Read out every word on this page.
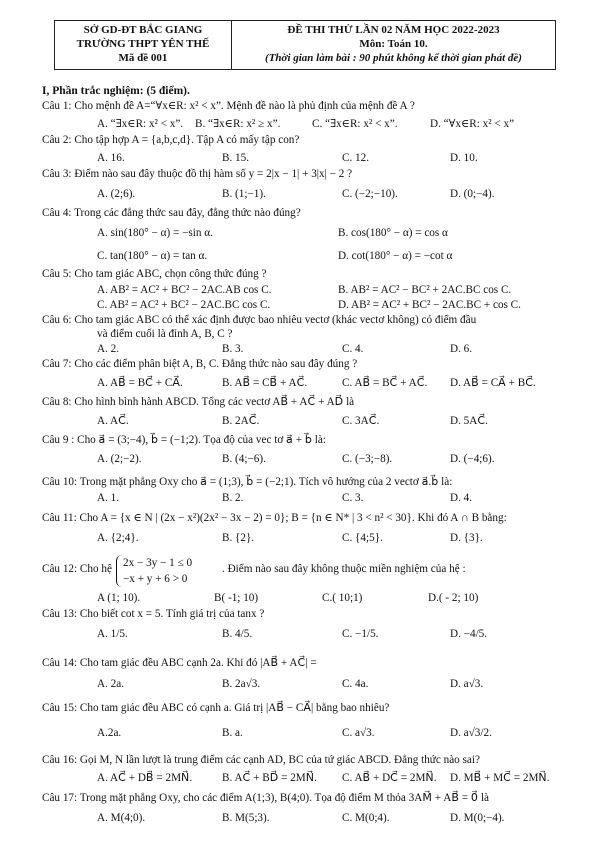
SỞ GD-ĐT BẮC GIANG
TRƯỜNG THPT YÊN THẾ
Mã đề 001
ĐỀ THI THỬ LẦN 02 NĂM HỌC 2022-2023
Môn: Toán 10.
(Thời gian làm bài : 90 phút không kể thời gian phát đề)
I, Phần trắc nghiệm: (5 điểm).
Câu 1: Cho mệnh đề A=“∀x∈R: x² < x”. Mệnh đề nào là phủ định của mệnh đề A ?
A. “∃x∈R: x² < x”. B. “∃x∈R: x² ≥ x”.	C. “∃x∈R: x² < x”.	D. “∀x∈R: x² < x”
Câu 2: Cho tập hợp A = {a,b,c,d}. Tập A có mấy tập con?
A. 16.	B. 15.	C. 12.	D. 10.
Câu 3: Điểm nào sau đây thuộc đồ thị hàm số y = 2|x − 1| + 3|x| − 2 ?
A. (2;6).	B. (1;−1).	C. (−2;−10).	D. (0;−4).
Câu 4: Trong các đẳng thức sau đây, đẳng thức nào đúng?
A. sin(180° − α) = −sin α.	B. cos(180° − α) = cos α
C. tan(180° − α) = tan α.	D. cot(180° − α) = −cot α
Câu 5: Cho tam giác ABC, chọn công thức đúng ?
A. AB² = AC² + BC² − 2AC.AB cos C.	B. AB² = AC² − BC² + 2AC.BC cos C.
C. AB² = AC² + BC² − 2AC.BC cos C.	D. AB² = AC² + BC² − 2AC.BC + cos C.
Câu 6: Cho tam giác ABC có thể xác định được bao nhiêu vectơ (khác vectơ không) có điểm đầu
và điểm cuối là đỉnh A, B, C ?
A. 2.	B. 3.	C. 4.	D. 6.
Câu 7: Cho các điểm phân biệt A, B, C. Đẳng thức nào sau đây đúng ?
A. AB⃗ = BC⃗ + CA⃗.	B. AB⃗ = CB⃗ + AC⃗.	C. AB⃗ = BC⃗ + AC⃗. D. AB⃗ = CA⃗ + BC⃗.
Câu 8: Cho hình bình hành ABCD. Tổng các vectơ AB⃗ + AC⃗ + AD⃗ là
A. AC⃗.	B. 2AC⃗.	C. 3AC⃗.	D. 5AC⃗.
Câu 9 : Cho a⃗ = (3;−4), b⃗ = (−1;2). Tọa độ của vec tơ a⃗ + b⃗ là:
A. (2;−2).	B. (4;−6).	C. (−3;−8).	D. (−4;6).
Câu 10: Trong mặt phẳng Oxy cho a⃗ = (1;3), b⃗ = (−2;1). Tích vô hướng của 2 vectơ a⃗.b⃗ là:
A. 1.	B. 2.	C. 3.	D. 4.
Câu 11: Cho A = {x ∈ N | (2x − x²)(2x² − 3x − 2) = 0}; B = {n ∈ N* | 3 < n² < 30}. Khi đó A ∩ B bằng:
A. {2;4}.	B. {2}.	C. {4;5}.	D. {3}.
Câu 12: Cho hệ 2x − 3y − 1 ≤ 0
−x + y + 6 > 0
. Điểm nào sau đây không thuộc miền nghiệm của hệ :
A (1; 10).	B( -1; 10)	C.( 10;1)	D.( - 2; 10)
Câu 13: Cho biết cot x = 5. Tính giá trị của tanx ?
A. 1/5.	B. 4/5.	C. −1/5.	D. −4/5.
Câu 14: Cho tam giác đều ABC cạnh 2a. Khi đó |AB⃗ + AC⃗| =
A. 2a.	B. 2a√3.	C. 4a.	D. a√3.
Câu 15: Cho tam giác đều ABC có cạnh a. Giá trị |AB⃗ − CA⃗| bằng bao nhiêu?
A.2a.	B. a.	C. a√3.	D. a√3/2.
Câu 16: Gọi M, N lần lượt là trung điểm các cạnh AD, BC của tứ giác ABCD. Đẳng thức nào sai?
A. AC⃗ + DB⃗ = 2MN⃗.	B. AC⃗ + BD⃗ = 2MN⃗. C. AB⃗ + DC⃗ = 2MN⃗. D. MB⃗ + MC⃗ = 2MN⃗.
Câu 17: Trong mặt phẳng Oxy, cho các điểm A(1;3), B(4;0). Tọa độ điểm M thỏa 3AM⃗ + AB⃗ = 0⃗ là
A. M(4;0).	B. M(5;3).	C. M(0;4).	D. M(0;−4).
